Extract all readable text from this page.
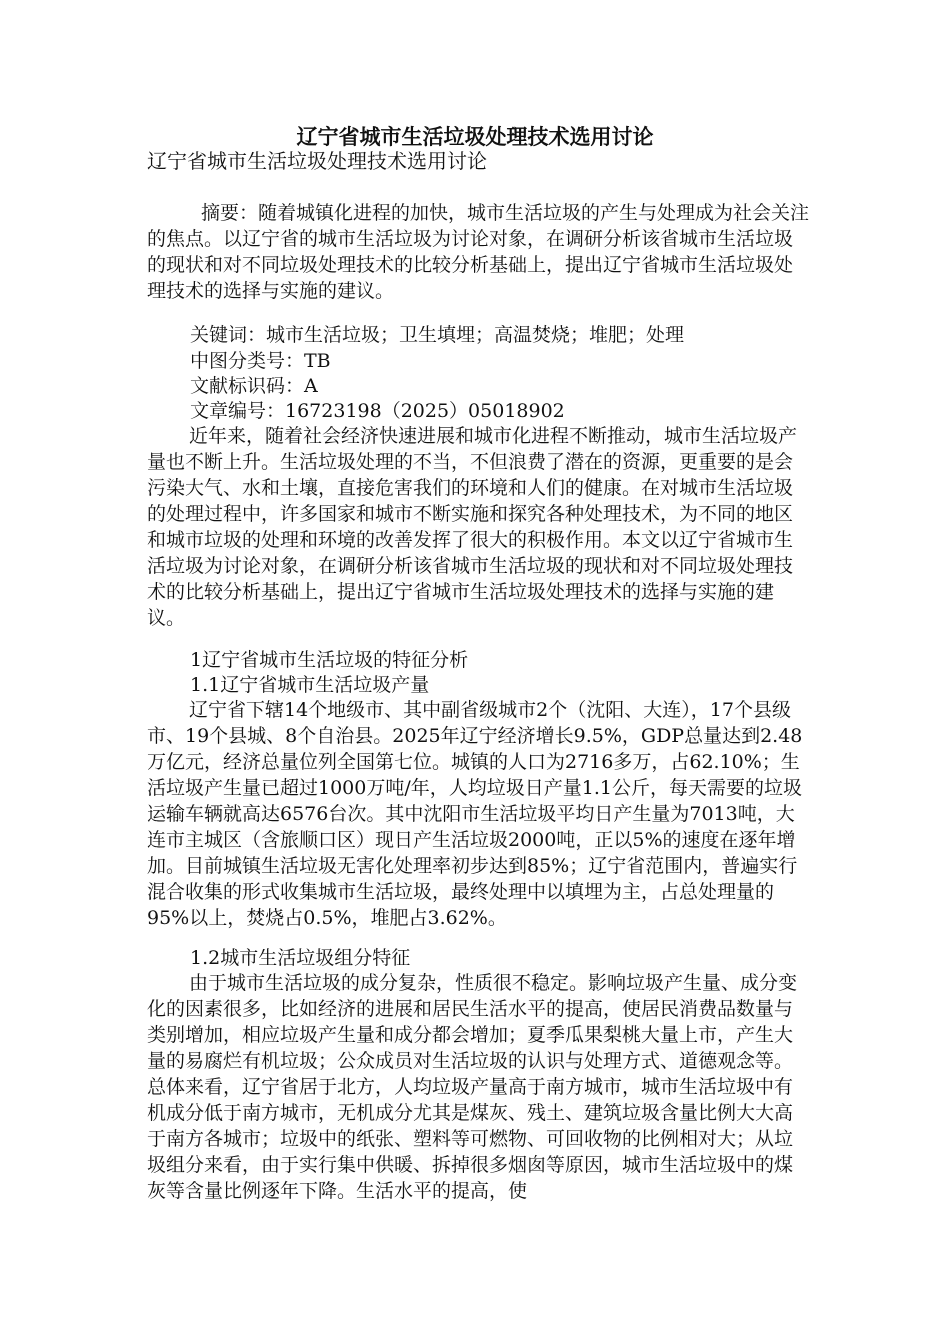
辽宁省城市生活垃圾处理技术选用讨论
辽宁省城市生活垃圾处理技术选用讨论
摘要：随着城镇化进程的加快，城市生活垃圾的产生与处理成为社会关注的焦点。以辽宁省的城市生活垃圾为讨论对象，在调研分析该省城市生活垃圾的现状和对不同垃圾处理技术的比较分析基础上，提出辽宁省城市生活垃圾处理技术的选择与实施的建议。
关键词：城市生活垃圾；卫生填埋；高温焚烧；堆肥；处理
中图分类号：TB
文献标识码：A
文章编号：16723198（2025）05018902
近年来，随着社会经济快速进展和城市化进程不断推动，城市生活垃圾产量也不断上升。生活垃圾处理的不当，不但浪费了潜在的资源，更重要的是会污染大气、水和土壤，直接危害我们的环境和人们的健康。在对城市生活垃圾的处理过程中，许多国家和城市不断实施和探究各种处理技术，为不同的地区和城市垃圾的处理和环境的改善发挥了很大的积极作用。本文以辽宁省城市生活垃圾为讨论对象，在调研分析该省城市生活垃圾的现状和对不同垃圾处理技术的比较分析基础上，提出辽宁省城市生活垃圾处理技术的选择与实施的建议。
1辽宁省城市生活垃圾的特征分析
1.1辽宁省城市生活垃圾产量
辽宁省下辖14个地级市、其中副省级城市2个（沈阳、大连），17个县级市、19个县城、8个自治县。2025年辽宁经济增长9.5%，GDP总量达到2.48万亿元，经济总量位列全国第七位。城镇的人口为2716多万，占62.10%；生活垃圾产生量已超过1000万吨/年，人均垃圾日产量1.1公斤，每天需要的垃圾运输车辆就高达6576台次。其中沈阳市生活垃圾平均日产生量为7013吨，大连市主城区（含旅顺口区）现日产生活垃圾2000吨，正以5%的速度在逐年增加。目前城镇生活垃圾无害化处理率初步达到85%；辽宁省范围内，普遍实行混合收集的形式收集城市生活垃圾，最终处理中以填埋为主，占总处理量的95%以上，焚烧占0.5%，堆肥占3.62%。
1.2城市生活垃圾组分特征
由于城市生活垃圾的成分复杂，性质很不稳定。影响垃圾产生量、成分变化的因素很多，比如经济的进展和居民生活水平的提高，使居民消费品数量与类别增加，相应垃圾产生量和成分都会增加；夏季瓜果梨桃大量上市，产生大量的易腐烂有机垃圾；公众成员对生活垃圾的认识与处理方式、道德观念等。总体来看，辽宁省居于北方，人均垃圾产量高于南方城市，城市生活垃圾中有机成分低于南方城市，无机成分尤其是煤灰、残土、建筑垃圾含量比例大大高于南方各城市；垃圾中的纸张、塑料等可燃物、可回收物的比例相对大；从垃圾组分来看，由于实行集中供暖、拆掉很多烟囱等原因，城市生活垃圾中的煤灰等含量比例逐年下降。生活水平的提高，使
